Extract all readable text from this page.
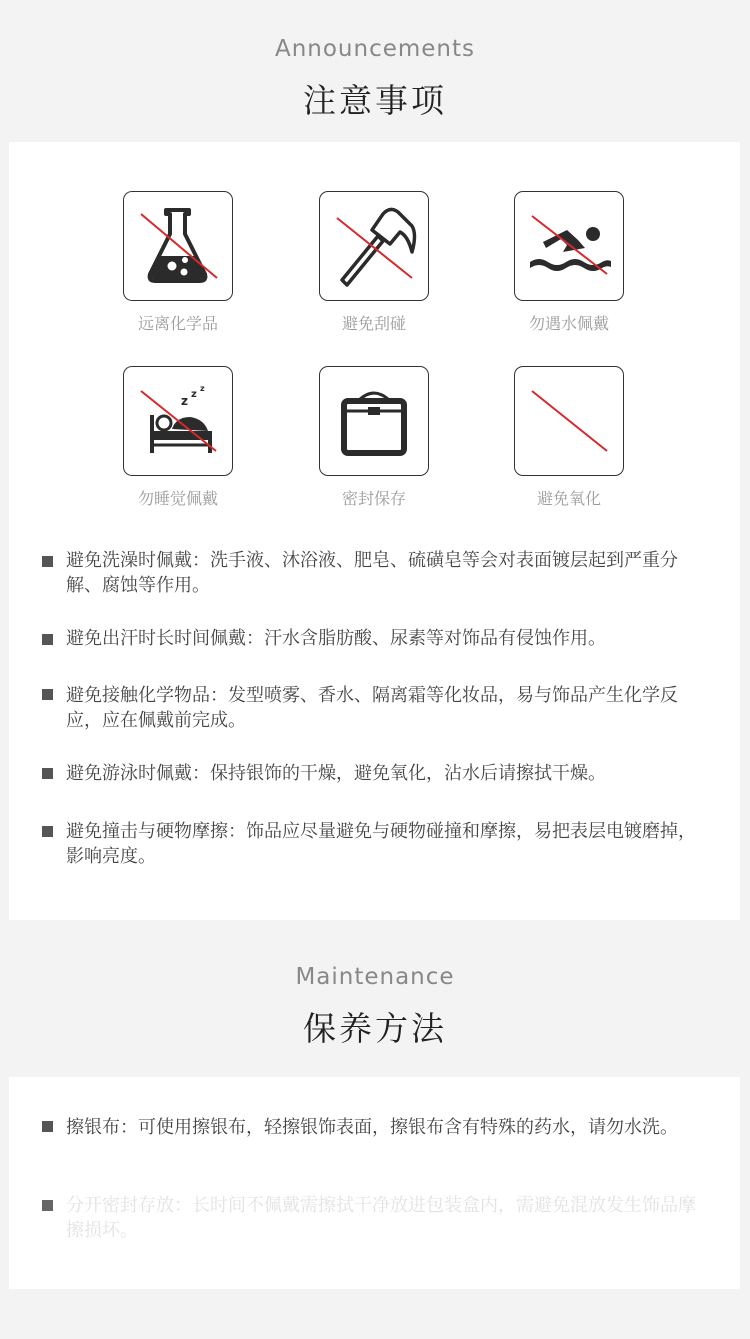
Announcements
注意事项
远离化学品	避免刮碰	勿遇水佩戴
z z
z
勿睡觉佩戴	密封保存	避免氧化
避免洗澡时佩戴：洗手液、沐浴液、肥皂、硫磺皂等会对表面镀层起到严重分解、腐蚀等作用。
避免出汗时长时间佩戴：汗水含脂肪酸、尿素等对饰品有侵蚀作用。
避免接触化学物品：发型喷雾、香水、隔离霜等化妆品，易与饰品产生化学反应，应在佩戴前完成。
避免游泳时佩戴：保持银饰的干燥，避免氧化，沾水后请擦拭干燥。
避免撞击与硬物摩擦：饰品应尽量避免与硬物碰撞和摩擦，易把表层电镀磨掉，影响亮度。
Maintenance
保养方法
擦银布：可使用擦银布，轻擦银饰表面，擦银布含有特殊的药水，请勿水洗。
分开密封存放：长时间不佩戴需擦拭干净放进包装盒内，需避免混放发生饰品摩擦损坏。
